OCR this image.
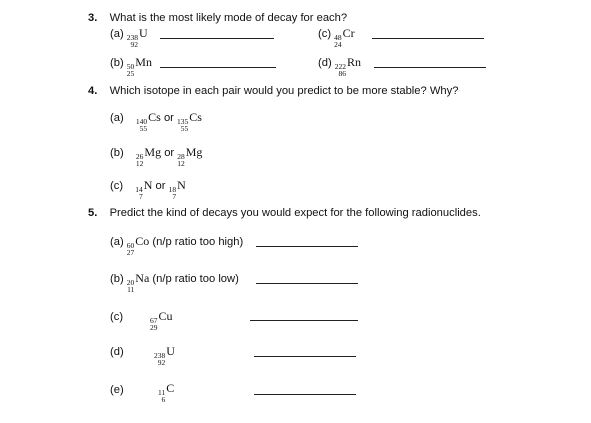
3. What is the most likely mode of decay for each?
(a) 238
92
U	(c) 48
24
Cr
(b) 50
25
Mn	(d) 222
86
Rn
4. Which isotope in each pair would you predict to be more stable? Why?
(a) 140
55
Cs or 135
55
Cs
(b) 26
12
Mg or 28
12
Mg
(c) 14
7
N or 18
7
N
5. Predict the kind of decays you would expect for the following radionuclides.
(a) 60
27
Co (n/p ratio too high)
(b) 20
11
Na (n/p ratio too low)
(c)	67
29
Cu
(d)	238
92
U
(e)	11
6
C
